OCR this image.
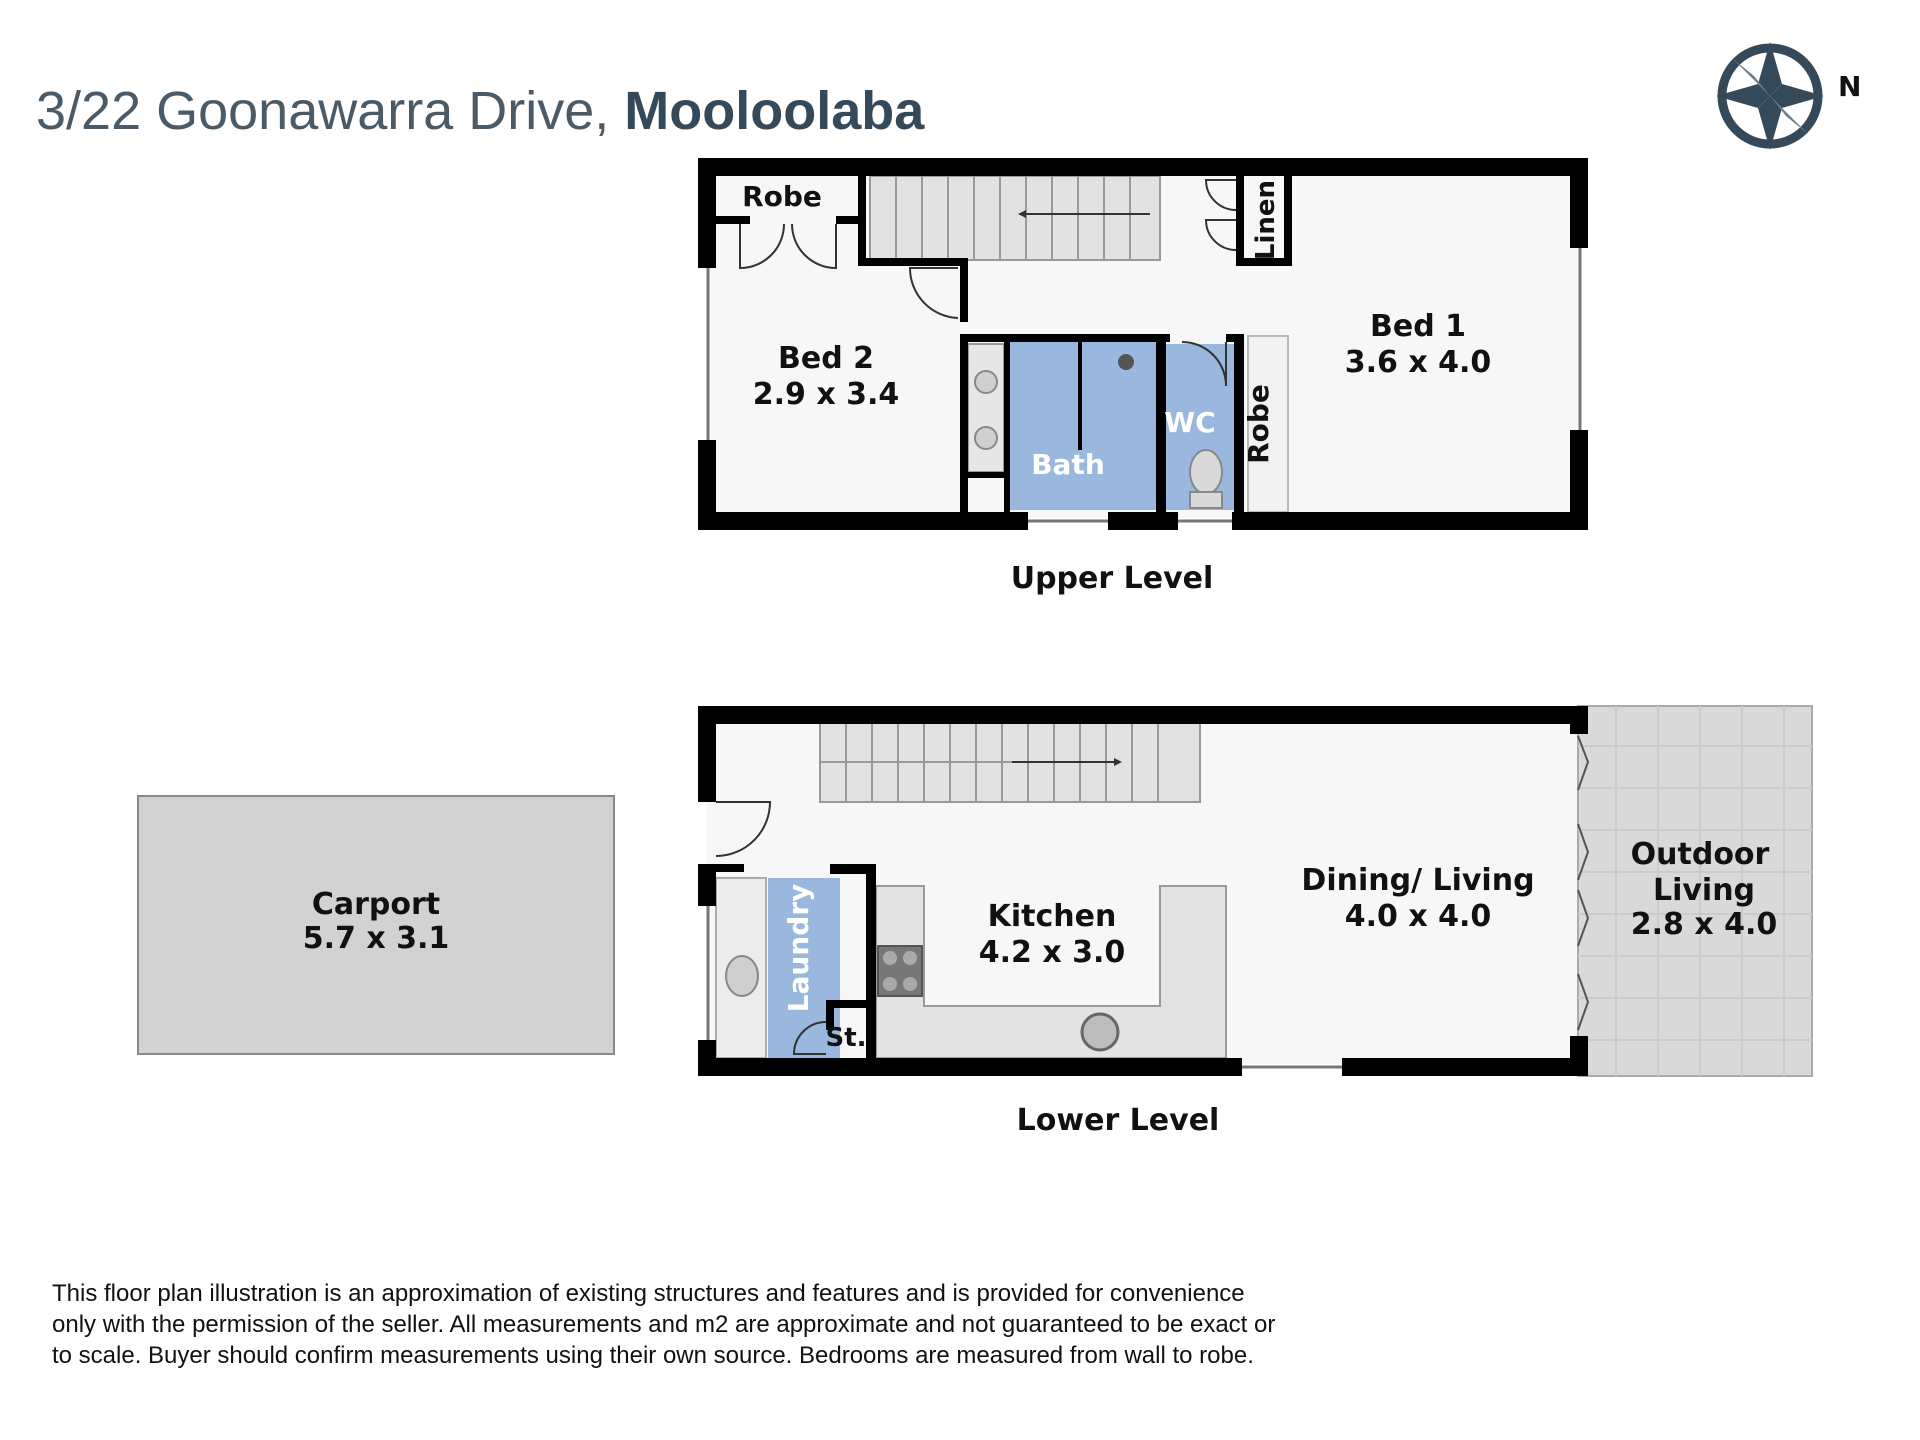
3/22 Goonawarra Drive, Mooloolaba	N
Robe	Linen
Bed 2
2.9 x 3.4
Bed 1
3.6 x 4.0
Bath
WC Robe
Upper Level
Carport
5.7 x 3.1	Laundry
St.
Kitchen
4.2 x 3.0
Dining/ Living
4.0 x 4.0
Outdoor
Living
2.8 x 4.0
Lower Level
This floor plan illustration is an approximation of existing structures and features and is provided for convenience
only with the permission of the seller. All measurements and m2 are approximate and not guaranteed to be exact or
to scale. Buyer should confirm measurements using their own source. Bedrooms are measured from wall to robe.
